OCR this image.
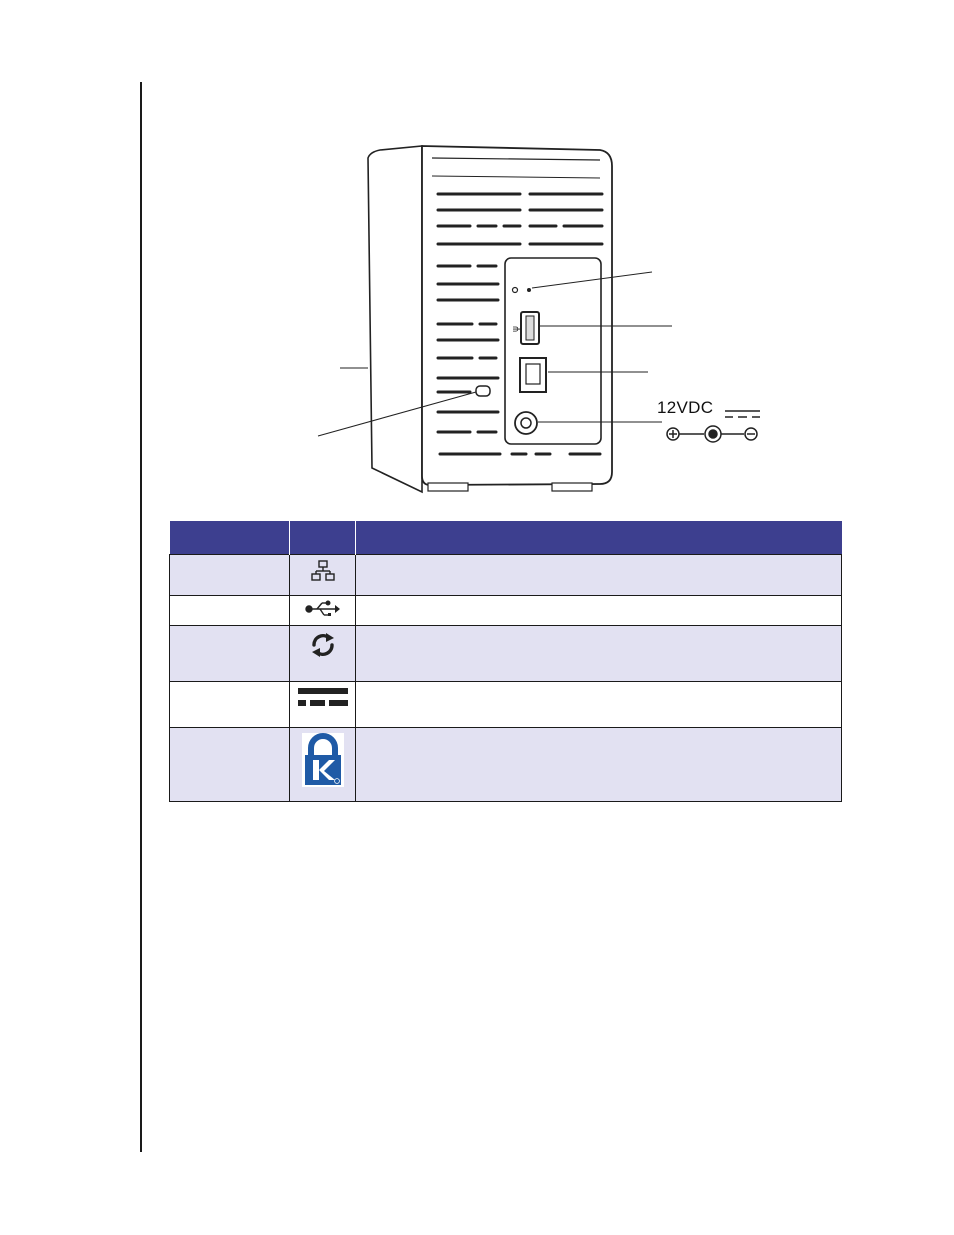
ψ
12VDC
